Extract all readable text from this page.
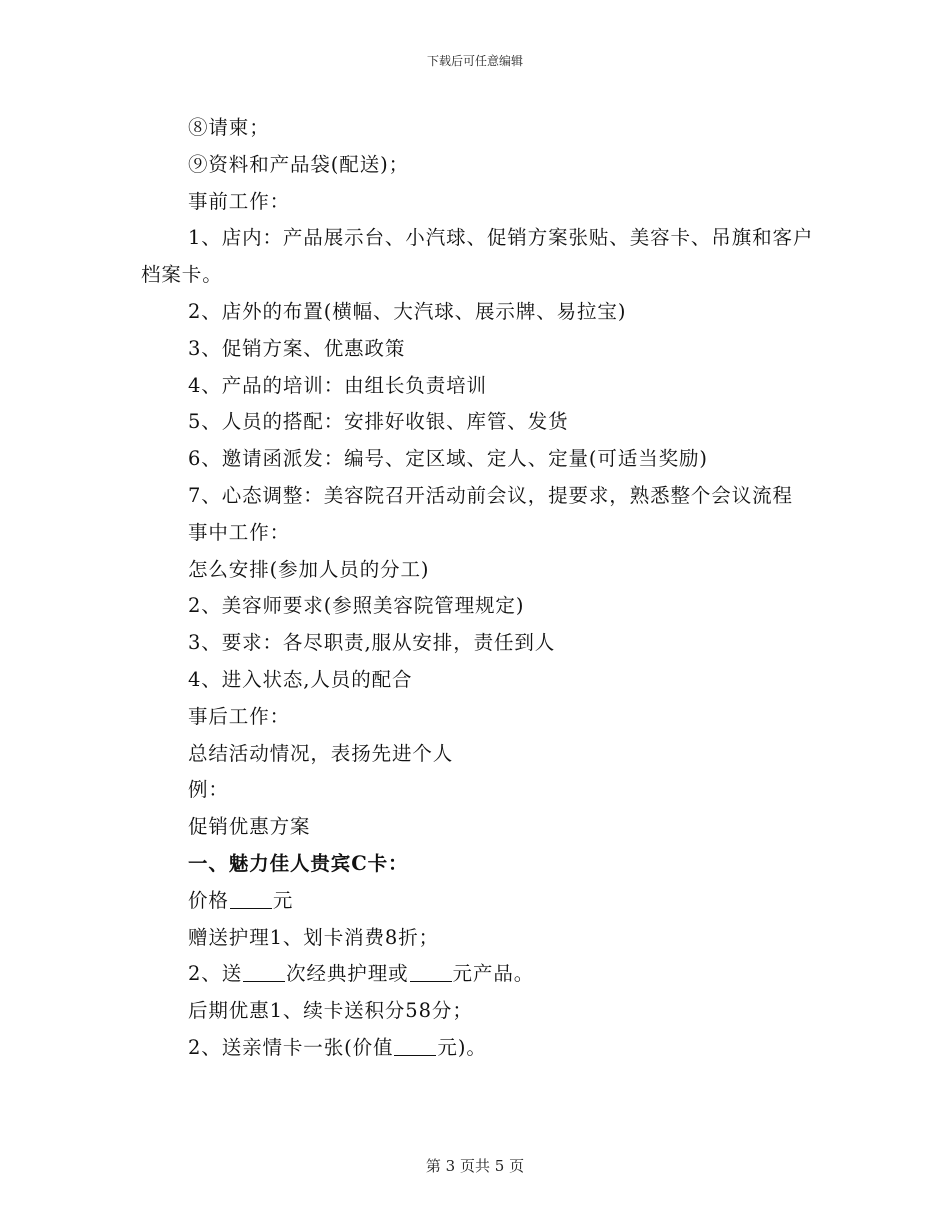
下载后可任意编辑

⑧请柬；

⑨资料和产品袋(配送)；

事前工作：

1、店内：产品展示台、小汽球、促销方案张贴、美容卡、吊旗和客户档案卡。

2、店外的布置(横幅、大汽球、展示牌、易拉宝)

3、促销方案、优惠政策

4、产品的培训：由组长负责培训

5、人员的搭配：安排好收银、库管、发货

6、邀请函派发：编号、定区域、定人、定量(可适当奖励)

7、心态调整：美容院召开活动前会议，提要求，熟悉整个会议流程

事中工作：

怎么安排(参加人员的分工)

2、美容师要求(参照美容院管理规定)

3、要求：各尽职责,服从安排，责任到人

4、进入状态,人员的配合

事后工作：

总结活动情况，表扬先进个人

例：

促销优惠方案

一、魅力佳人贵宾C卡：

价格 元

赠送护理1、划卡消费8折；

2、送 次经典护理或 元产品。

后期优惠1、续卡送积分58分；

2、送亲情卡一张(价值 元)。

第 3 页共 5 页
